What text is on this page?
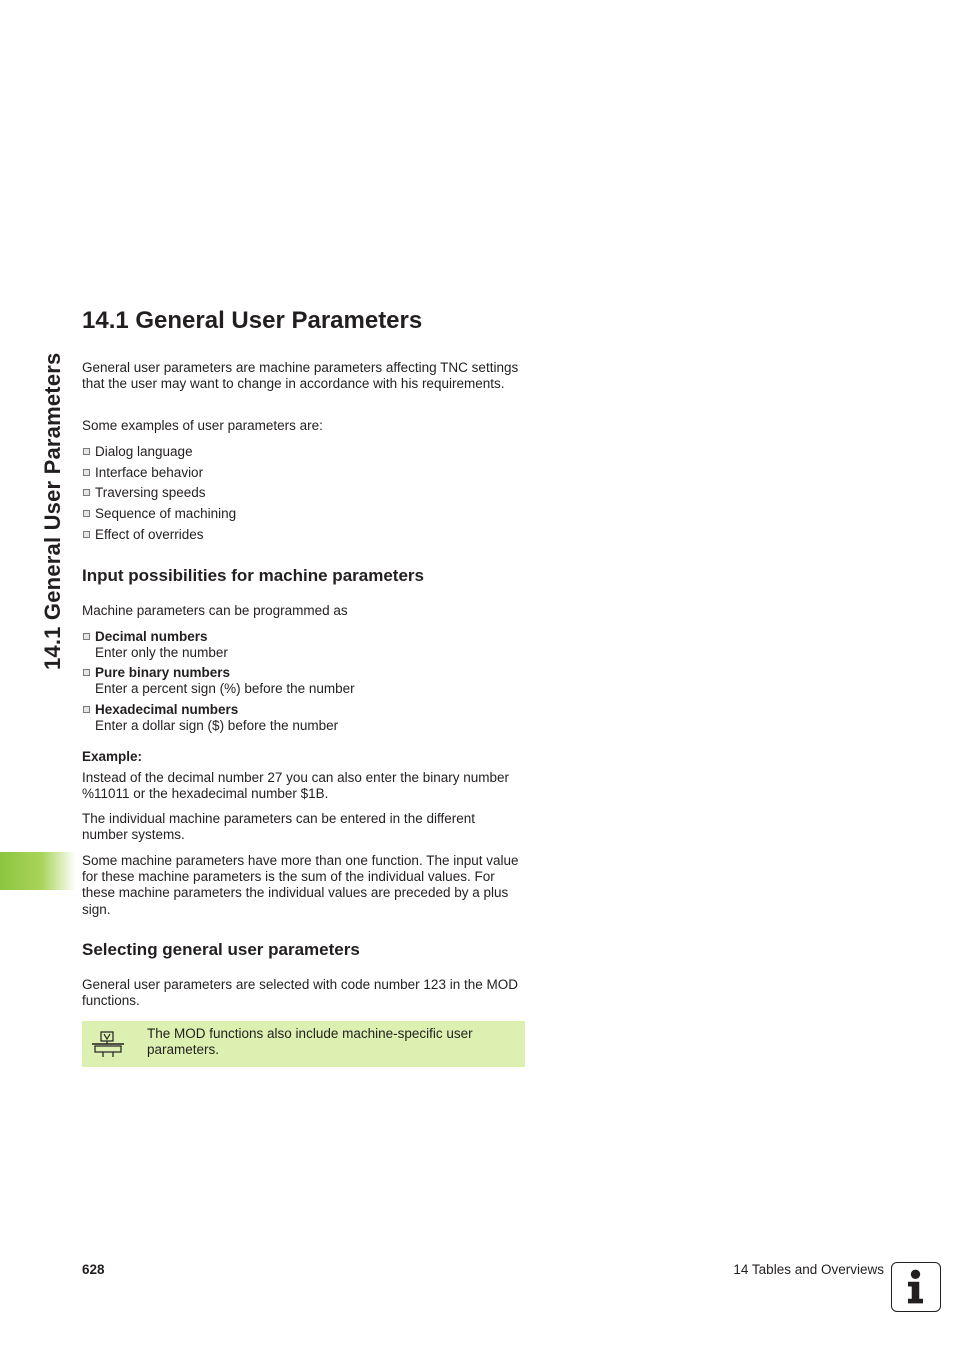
14.1 General User Parameters
14.1 General User Parameters

General user parameters are machine parameters affecting TNC settings that the user may want to change in accordance with his requirements.

Some examples of user parameters are:

Dialog language
Interface behavior
Traversing speeds
Sequence of machining
Effect of overrides
Input possibilities for machine parameters

Machine parameters can be programmed as

Decimal numbers
Enter only the number
Pure binary numbers
Enter a percent sign (%) before the number
Hexadecimal numbers
Enter a dollar sign ($) before the number

Example:

Instead of the decimal number 27 you can also enter the binary number %11011 or the hexadecimal number $1B.

The individual machine parameters can be entered in the different number systems.

Some machine parameters have more than one function. The input value for these machine parameters is the sum of the individual values. For these machine parameters the individual values are preceded by a plus sign.

Selecting general user parameters

General user parameters are selected with code number 123 in the MOD functions.

The MOD functions also include machine-specific user parameters.
628	14 Tables and Overviews
